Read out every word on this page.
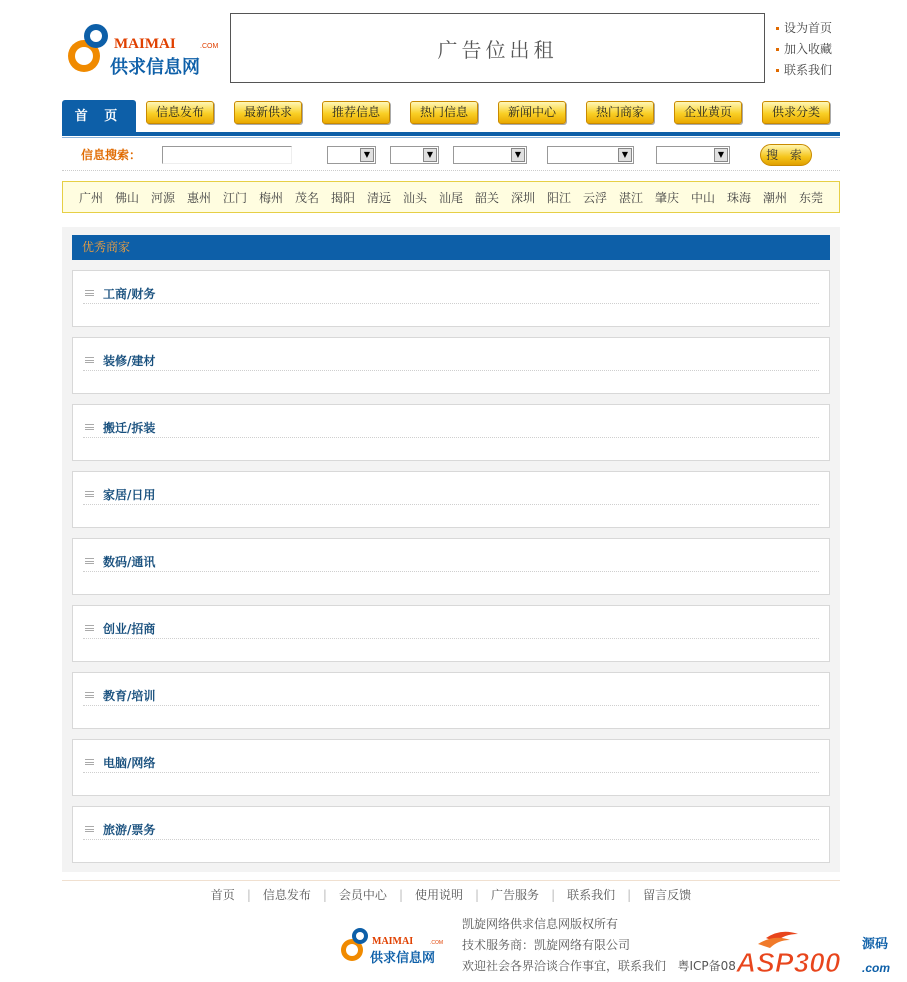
MAIMAI	.COM
供求信息网
广告位出租
设为首页
加入收藏
联系我们
首 页	信息发布	最新供求	推荐信息	热门信息	新闻中心	热门商家	企业黄页	供求分类
信息搜索：	▼	▼	▼	▼	▼	搜 索
广州 佛山 河源 惠州 江门 梅州 茂名 揭阳 清远 汕头 汕尾 韶关 深圳 阳江 云浮 湛江 肇庆 中山 珠海 潮州 东莞
优秀商家
工商/财务
装修/建材
搬迁/拆装
家居/日用
数码/通讯
创业/招商
教育/培训
电脑/网络
旅游/票务
首页 | 信息发布 | 会员中心 | 使用说明 | 广告服务 | 联系我们 | 留言反馈
MAIMAI	.COM
供求信息网
凯旋网络供求信息网版权所有
技术服务商：凯旋网络有限公司
欢迎社会各界洽谈合作事宜，联系我们 粤ICP备08 ASP300
源码
.com
